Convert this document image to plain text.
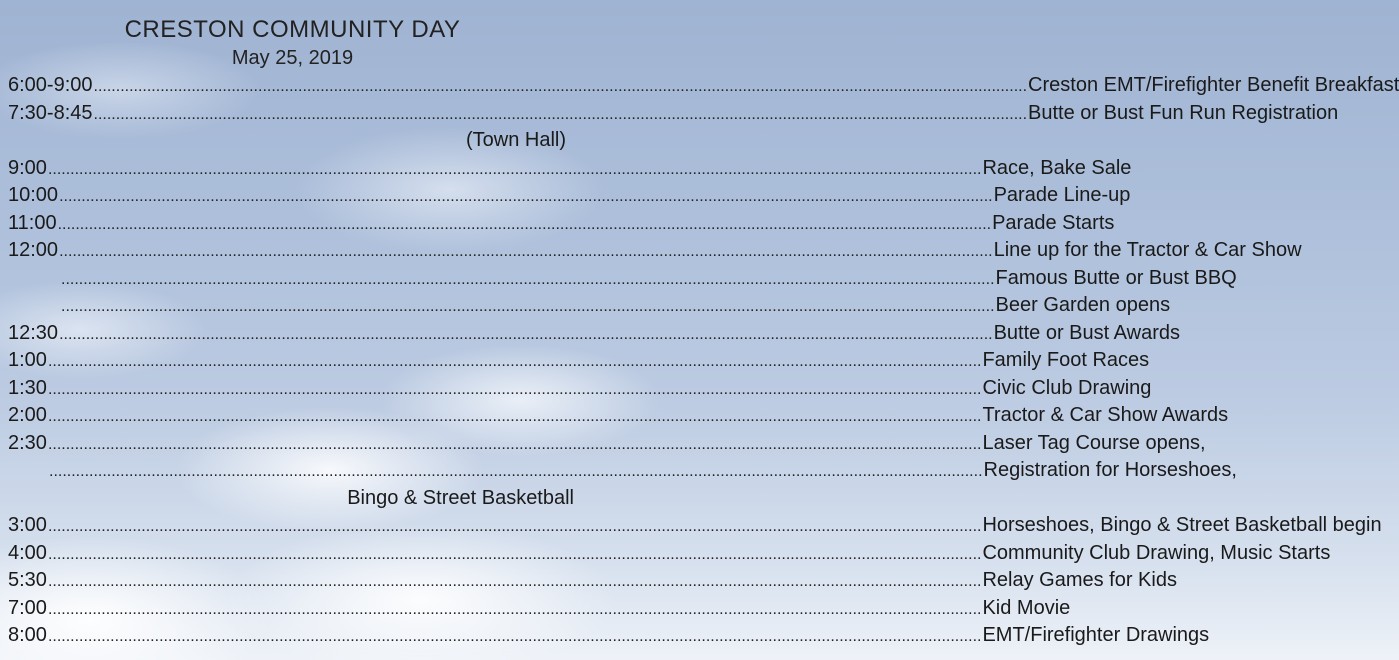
CRESTON COMMUNITY DAY
May 25, 2019
6:00-9:00 .................................................................................................................................................................................................................. Creston EMT/Firefighter Benefit Breakfast
7:30-8:45 .................................................................................................................................................................................................................. Butte or Bust Fun Run Registration
(Town Hall)
9:00 .................................................................................................................................................................................................................. Race, Bake Sale
10:00 .................................................................................................................................................................................................................. Parade Line-up
11:00 .................................................................................................................................................................................................................. Parade Starts
12:00 .................................................................................................................................................................................................................. Line up for the Tractor & Car Show
.................................................................................................................................................................................................................. Famous Butte or Bust BBQ
.................................................................................................................................................................................................................. Beer Garden opens
12:30 .................................................................................................................................................................................................................. Butte or Bust Awards
1:00 .................................................................................................................................................................................................................. Family Foot Races
1:30 .................................................................................................................................................................................................................. Civic Club Drawing
2:00 .................................................................................................................................................................................................................. Tractor & Car Show Awards
2:30 .................................................................................................................................................................................................................. Laser Tag Course opens,
.................................................................................................................................................................................................................. Registration for Horseshoes,
Bingo & Street Basketball
3:00 .................................................................................................................................................................................................................. Horseshoes, Bingo & Street Basketball begin
4:00 .................................................................................................................................................................................................................. Community Club Drawing, Music Starts
5:30 .................................................................................................................................................................................................................. Relay Games for Kids
7:00 .................................................................................................................................................................................................................. Kid Movie
8:00 .................................................................................................................................................................................................................. EMT/Firefighter Drawings
